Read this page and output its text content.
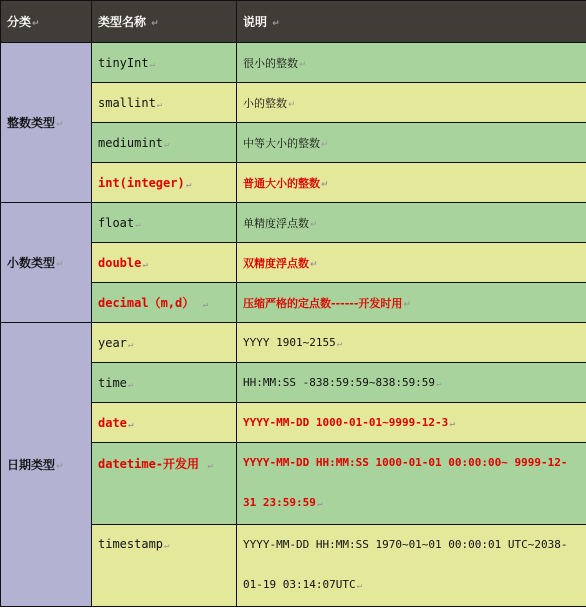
分类↵	类型名称 ↵	说明 ↵
整数类型↵	tinyInt↵	很小的整数↵
	smallint↵	小的整数↵
	mediumint↵	中等大小的整数↵
	int(integer)↵	普通大小的整数↵
小数类型↵	float↵	单精度浮点数↵
	double↵	双精度浮点数↵
	decimal（m,d） ↵	压缩严格的定点数------开发时用↵
日期类型↵	year↵	YYYY 1901~2155↵
	time↵	HH:MM:SS -838:59:59~838:59:59↵
	date↵	YYYY-MM-DD 1000-01-01~9999-12-3↵
	datetime-开发用 ↵	YYYY-MM-DD HH:MM:SS 1000-01-01 00:00:00~ 9999-12-31 23:59:59↵
	timestamp↵	YYYY-MM-DD HH:MM:SS 1970~01~01 00:00:01 UTC~2038-01-19 03:14:07UTC↵
